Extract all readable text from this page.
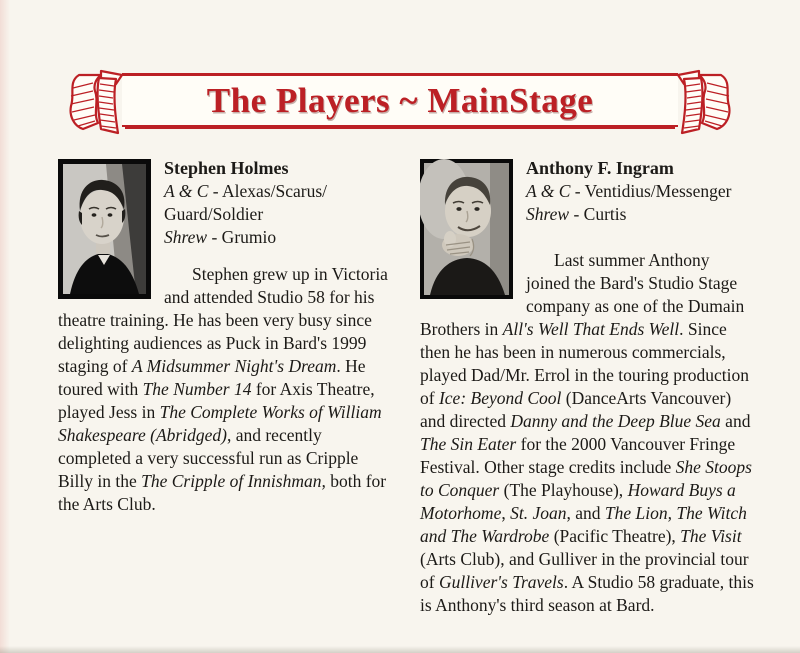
The Players ~ MainStage
Stephen Holmes
A & C - Alexas/Scarus/
Guard/Soldier
Shrew - Grumio

Stephen grew up in Victoria and attended Studio 58 for his theatre training. He has been very busy since delighting audiences as Puck in Bard's 1999 staging of A Midsummer Night's Dream. He toured with The Number 14 for Axis Theatre, played Jess in The Complete Works of William Shakespeare (Abridged), and recently completed a very successful run as Cripple Billy in the The Cripple of Innishman, both for the Arts Club.

Anthony F. Ingram
A & C - Ventidius/Messenger
Shrew - Curtis

Last summer Anthony joined the Bard's Studio Stage company as one of the Dumain Brothers in All's Well That Ends Well. Since then he has been in numerous commercials, played Dad/Mr. Errol in the touring production of Ice: Beyond Cool (DanceArts Vancouver) and directed Danny and the Deep Blue Sea and The Sin Eater for the 2000 Vancouver Fringe Festival. Other stage credits include She Stoops to Conquer (The Playhouse), Howard Buys a Motorhome, St. Joan, and The Lion, The Witch and The Wardrobe (Pacific Theatre), The Visit (Arts Club), and Gulliver in the provincial tour of Gulliver's Travels. A Studio 58 graduate, this is Anthony's third season at Bard.
